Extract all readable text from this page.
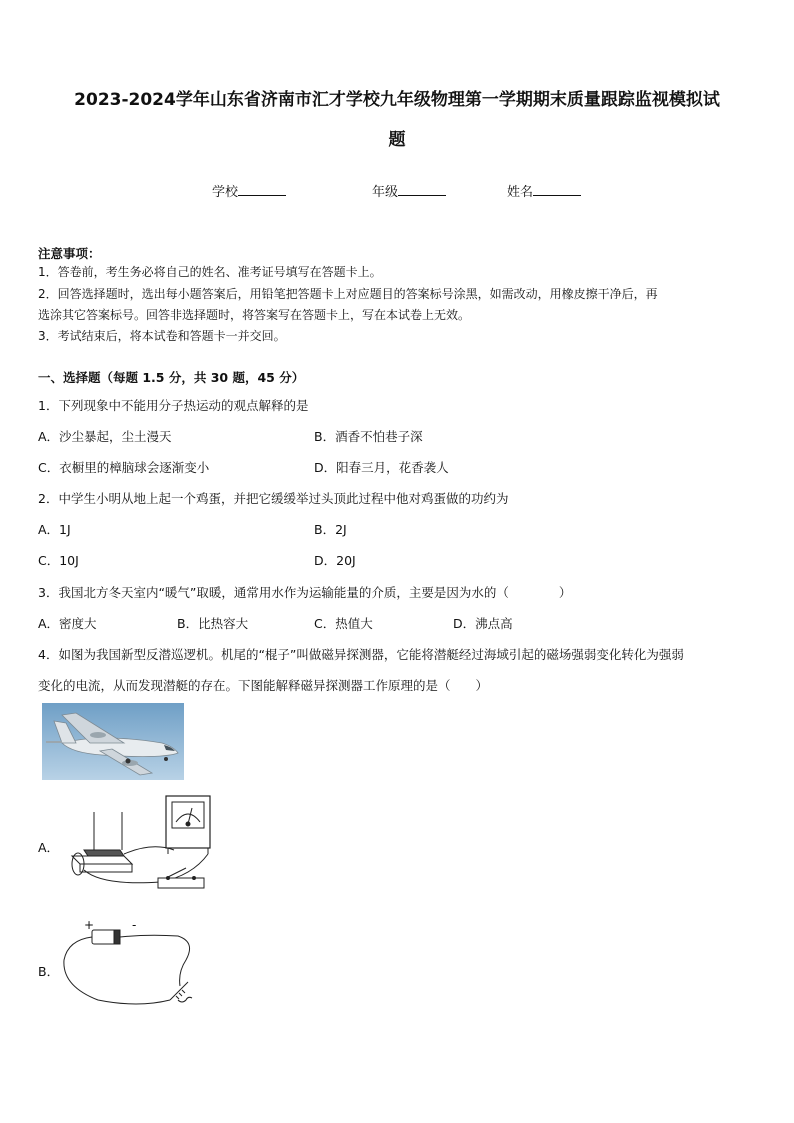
2023-2024学年山东省济南市汇才学校九年级物理第一学期期末质量跟踪监视模拟试
题
学校	年级	姓名
注意事项：
1．答卷前，考生务必将自己的姓名、准考证号填写在答题卡上。
2．回答选择题时，选出每小题答案后，用铅笔把答题卡上对应题目的答案标号涂黑，如需改动，用橡皮擦干净后，再
选涂其它答案标号。回答非选择题时，将答案写在答题卡上，写在本试卷上无效。
3．考试结束后，将本试卷和答题卡一并交回。
一、选择题（每题 1.5 分，共 30 题，45 分）
1．下列现象中不能用分子热运动的观点解释的是
A．沙尘暴起，尘土漫天	B．酒香不怕巷子深
C．衣橱里的樟脑球会逐渐变小	D．阳春三月，花香袭人
2．中学生小明从地上起一个鸡蛋，并把它缓缓举过头顶此过程中他对鸡蛋做的功约为
A．1J	B．2J
C．10J	D．20J
3．我国北方冬天室内“暖气”取暖，通常用水作为运输能量的介质，主要是因为水的（　　　　）
A．密度大	B．比热容大	C．热值大	D．沸点高
4．如图为我国新型反潜巡逻机。机尾的“棍子”叫做磁异探测器，它能将潜艇经过海域引起的磁场强弱变化转化为强弱
变化的电流，从而发现潜艇的存在。下图能解释磁异探测器工作原理的是（　　）
A．
B．
+	-
